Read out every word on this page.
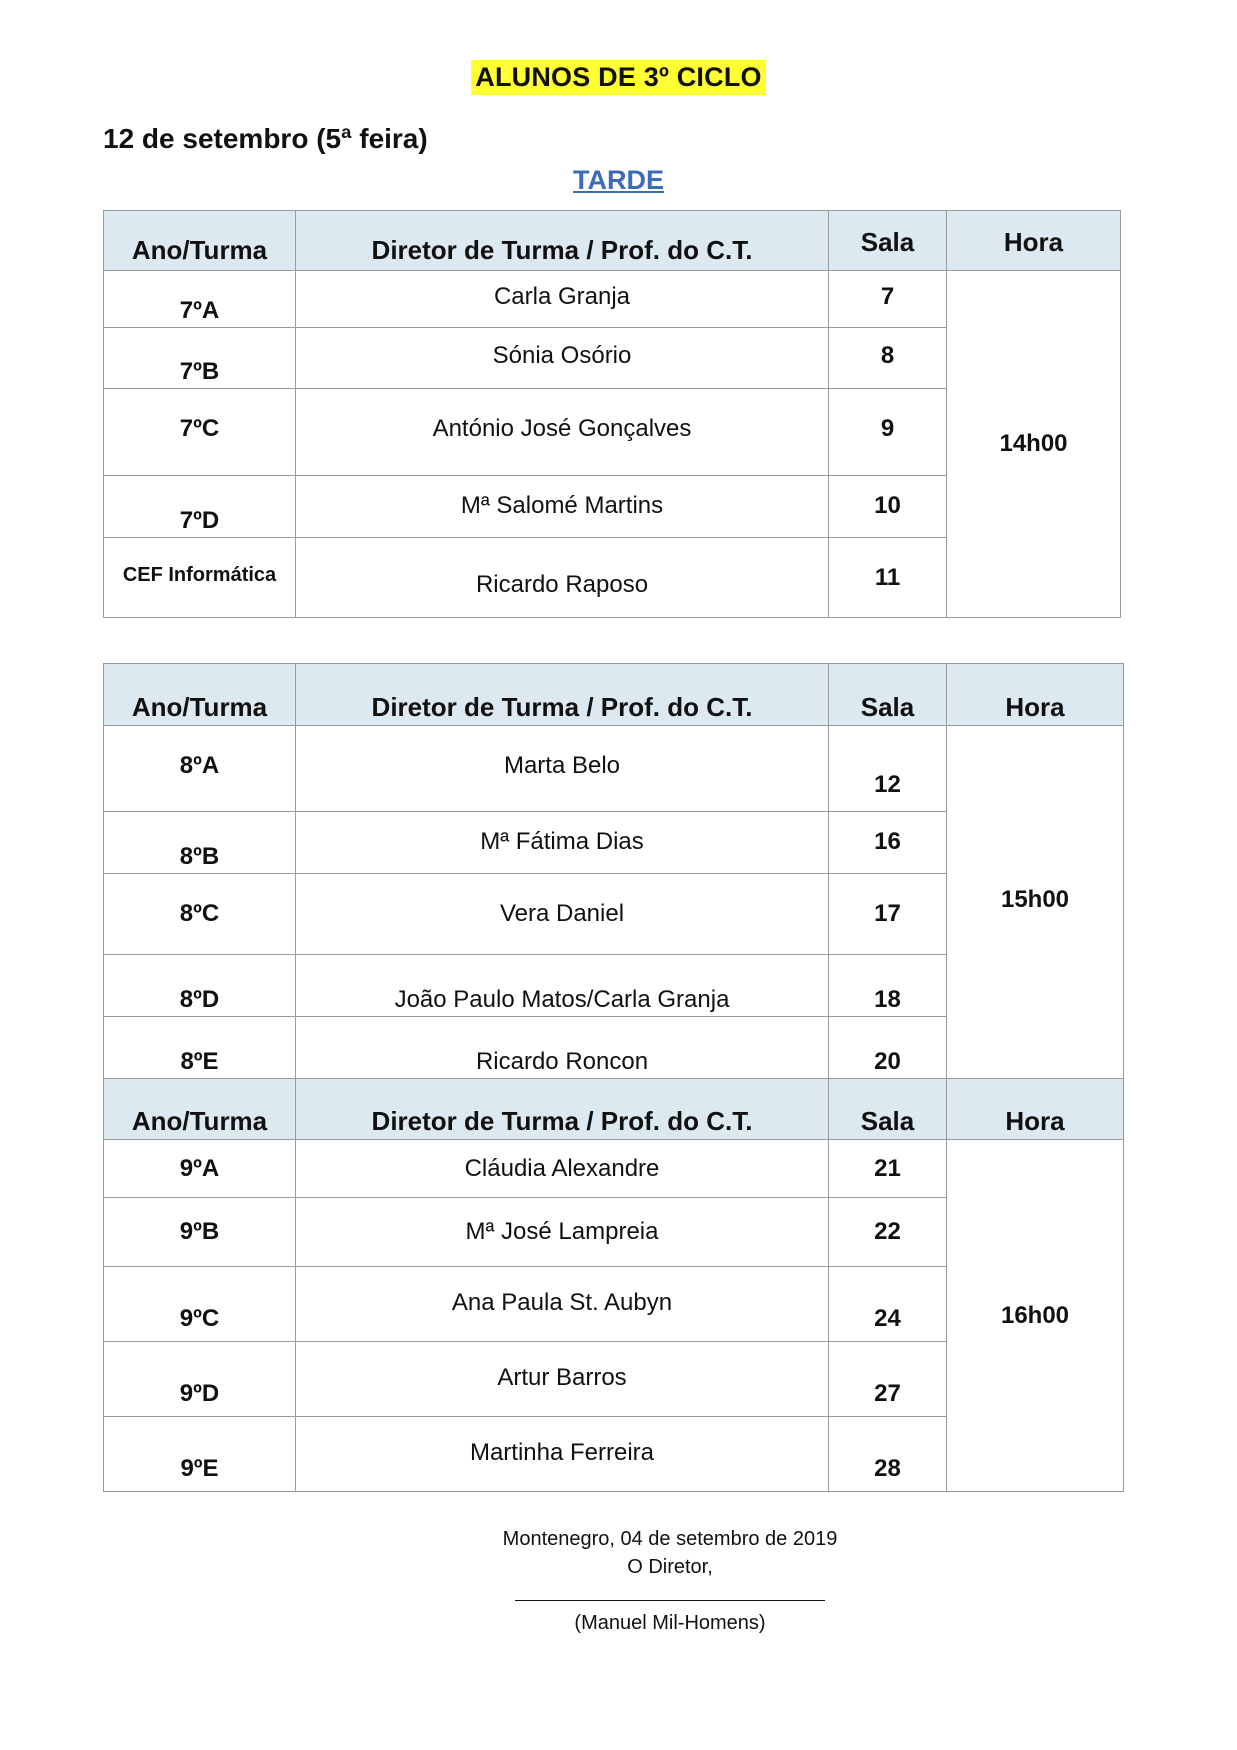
ALUNOS DE 3º CICLO
12 de setembro (5ª feira)
TARDE
Ano/Turma	Diretor de Turma / Prof. do C.T.	Sala	Hora
7ºA	Carla Granja	7	14h00
7ºB	Sónia Osório	8	
7ºC	António José Gonçalves	9	
7ºD	Mª Salomé Martins	10	
CEF Informática	Ricardo Raposo	11	
Ano/Turma	Diretor de Turma / Prof. do C.T.	Sala	Hora
8ºA	Marta Belo	12	15h00
8ºB	Mª Fátima Dias	16	
8ºC	Vera Daniel	17	
8ºD	João Paulo Matos/Carla Granja	18	
8ºE	Ricardo Roncon	20	
Ano/Turma	Diretor de Turma / Prof. do C.T.	Sala	Hora
9ºA	Cláudia Alexandre	21	16h00
9ºB	Mª José Lampreia	22	
9ºC	Ana Paula St. Aubyn	24	
9ºD	Artur Barros	27	
9ºE	Martinha Ferreira	28	
Montenegro, 04 de setembro de 2019
O Diretor,
(Manuel Mil-Homens)
